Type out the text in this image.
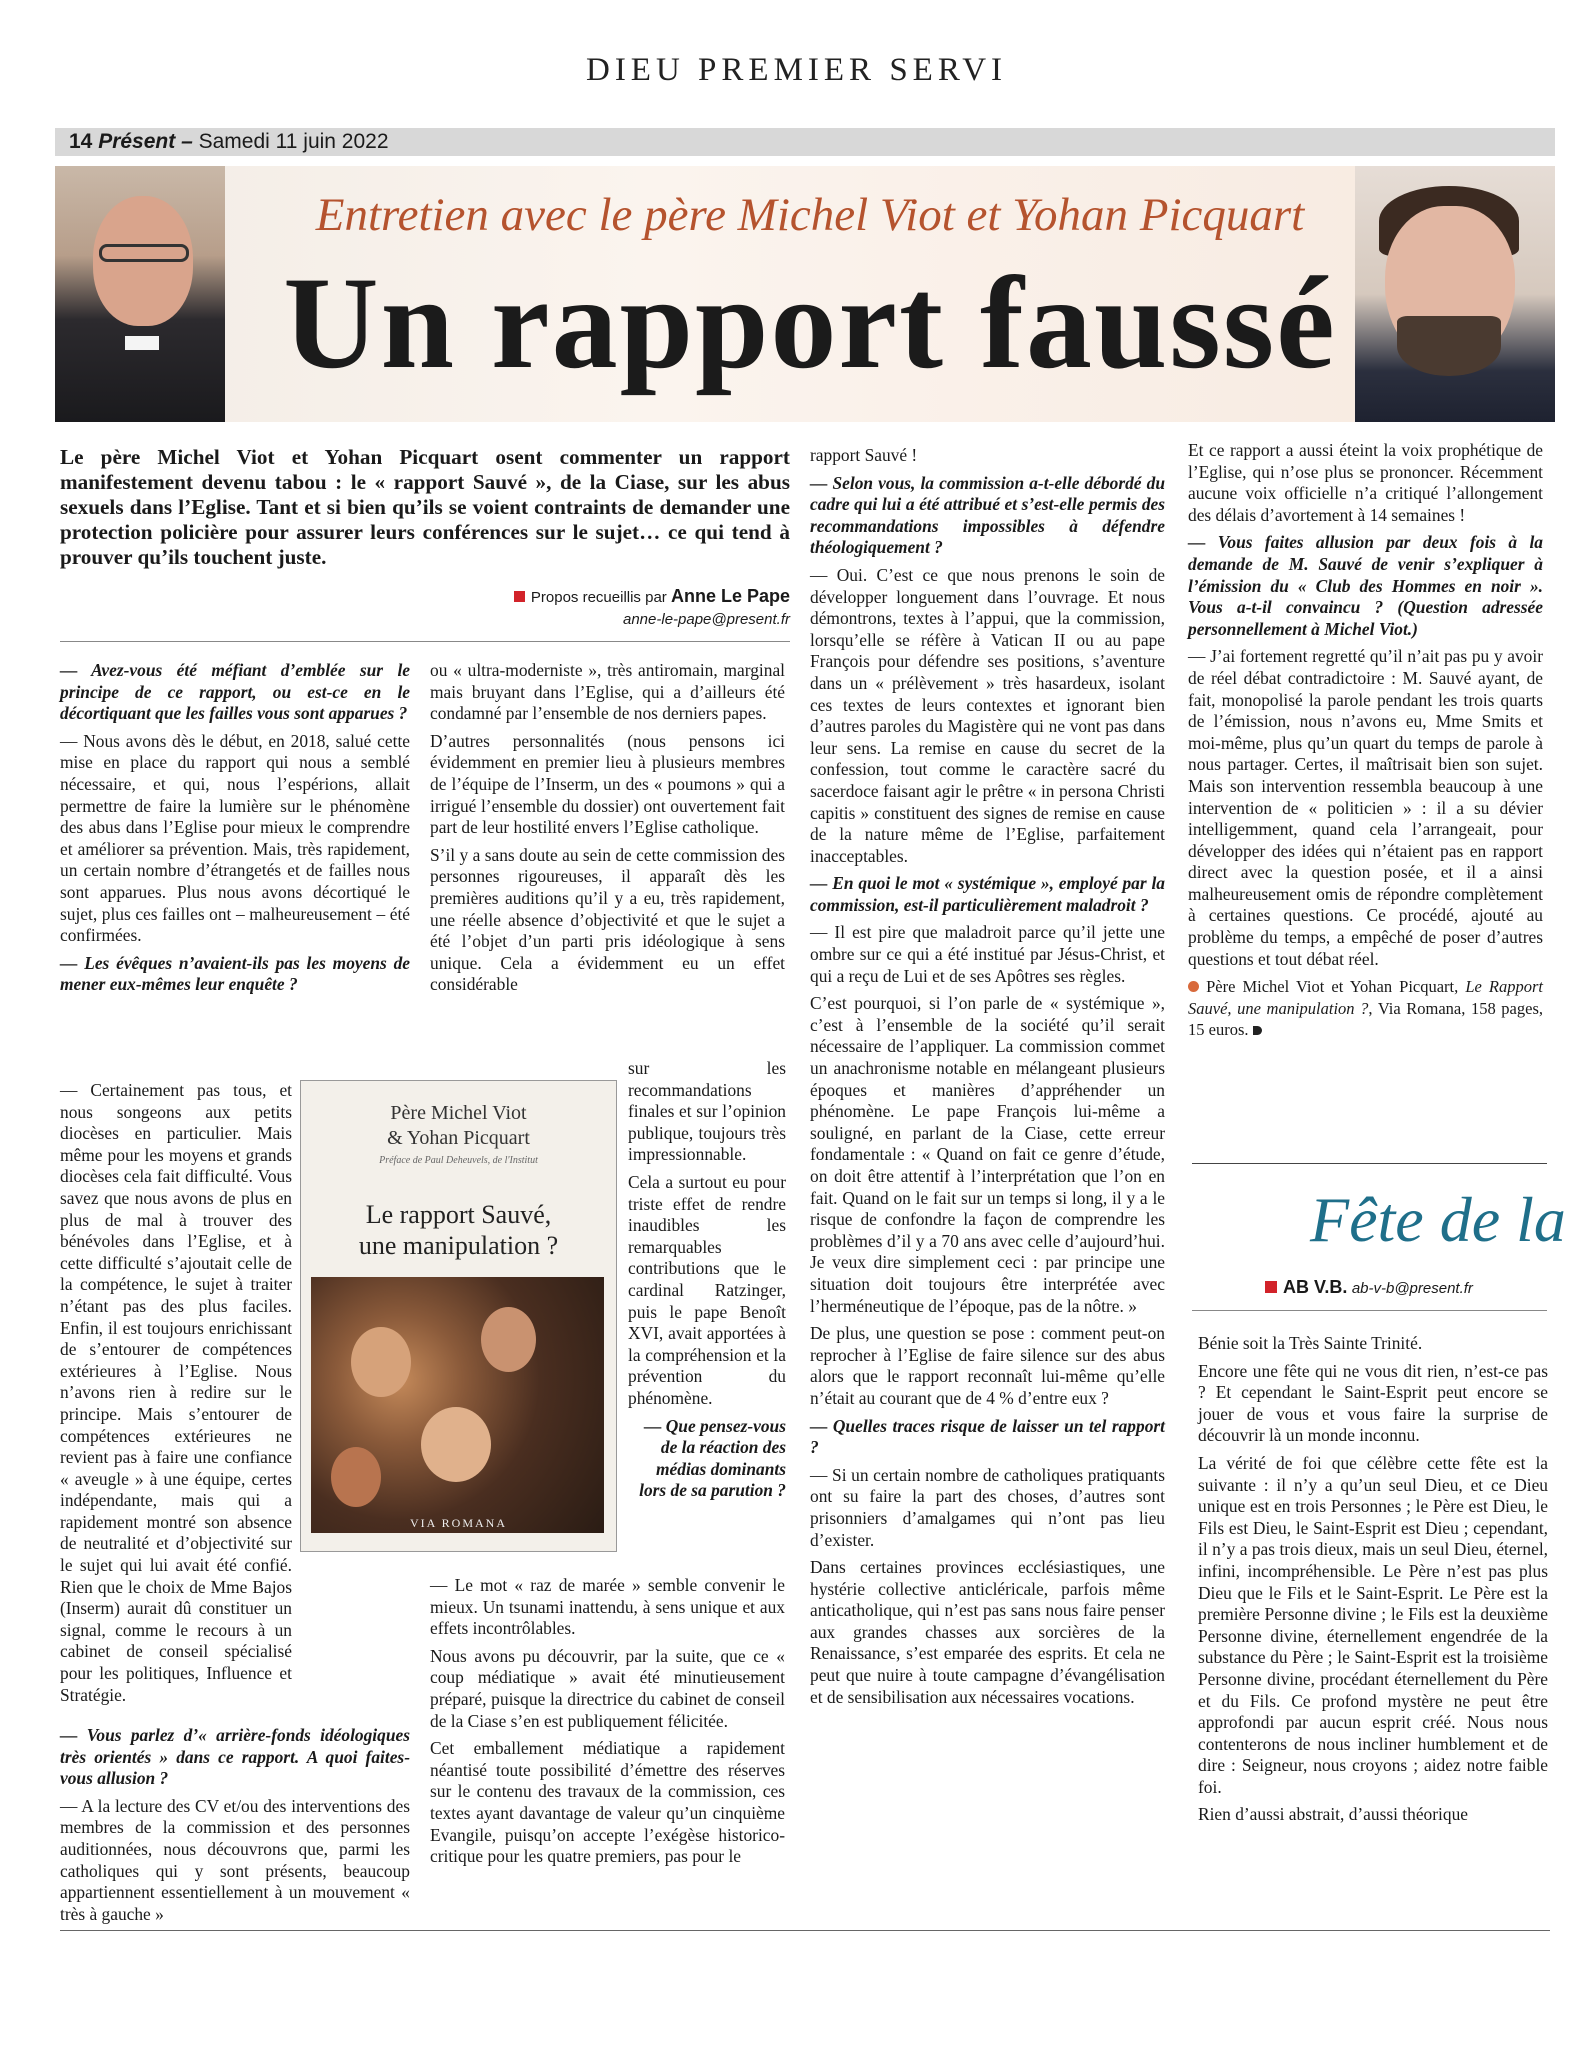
DIEU PREMIER SERVI
14 Présent – Samedi 11 juin 2022
Entretien avec le père Michel Viot et Yohan Picquart
Un rapport faussé
Le père Michel Viot et Yohan Picquart osent commenter un rapport manifestement devenu tabou : le « rapport Sauvé », de la Ciase, sur les abus sexuels dans l’Eglise. Tant et si bien qu’ils se voient contraints de demander une protection policière pour assurer leurs conférences sur le sujet… ce qui tend à prouver qu’ils touchent juste.
Propos recueillis par Anne Le Pape
anne-le-pape@present.fr

— Avez-vous été méfiant d’emblée sur le principe de ce rapport, ou est-ce en le décortiquant que les failles vous sont apparues ?

— Nous avons dès le début, en 2018, salué cette mise en place du rapport qui nous a semblé nécessaire, et qui, nous l’espérions, allait permettre de faire la lumière sur le phénomène des abus dans l’Eglise pour mieux le comprendre et améliorer sa prévention. Mais, très rapidement, un certain nombre d’étrangetés et de failles nous sont apparues. Plus nous avons décortiqué le sujet, plus ces failles ont – malheureusement – été confirmées.

— Les évêques n’avaient-ils pas les moyens de mener eux-mêmes leur enquête ?

— Certainement pas tous, et nous songeons aux petits diocèses en particulier. Mais même pour les moyens et grands diocèses cela fait difficulté. Vous savez que nous avons de plus en plus de mal à trouver des bénévoles dans l’Eglise, et à cette difficulté s’ajoutait celle de la compétence, le sujet à traiter n’étant pas des plus faciles. Enfin, il est toujours enrichissant de s’entourer de compétences extérieures à l’Eglise. Nous n’avons rien à redire sur le principe. Mais s’entourer de compétences extérieures ne revient pas à faire une confiance « aveugle » à une équipe, certes indépendante, mais qui a rapidement montré son absence de neutralité et d’objectivité sur le sujet qui lui avait été confié. Rien que le choix de Mme Bajos (Inserm) aurait dû constituer un signal, comme le recours à un cabinet de conseil spécialisé pour les politiques, Influence et Stratégie.

— Vous parlez d’« arrière-fonds idéologiques très orientés » dans ce rapport. A quoi faites-vous allusion ?

— A la lecture des CV et/ou des interventions des membres de la commission et des personnes auditionnées, nous découvrons que, parmi les catholiques qui y sont présents, beaucoup appartiennent essentiellement à un mouvement « très à gauche »

ou « ultra-moderniste », très antiromain, marginal mais bruyant dans l’Eglise, qui a d’ailleurs été condamné par l’ensemble de nos derniers papes.

D’autres personnalités (nous pensons ici évidemment en premier lieu à plusieurs membres de l’équipe de l’Inserm, un des « poumons » qui a irrigué l’ensemble du dossier) ont ouvertement fait part de leur hostilité envers l’Eglise catholique.

S’il y a sans doute au sein de cette commission des personnes rigoureuses, il apparaît dès les premières auditions qu’il y a eu, très rapidement, une réelle absence d’objectivité et que le sujet a été l’objet d’un parti pris idéologique à sens unique. Cela a évidemment eu un effet considérable

sur les recommandations finales et sur l’opinion publique, toujours très impressionnable.

Cela a surtout eu pour triste effet de rendre inaudibles les remarquables contributions que le cardinal Ratzinger, puis le pape Benoît XVI, avait apportées à la compréhension et la prévention du phénomène.

— Que pensez-vous de la réaction des médias dominants lors de sa parution ?

— Le mot « raz de marée » semble convenir le mieux. Un tsunami inattendu, à sens unique et aux effets incontrôlables.

Nous avons pu découvrir, par la suite, que ce « coup médiatique » avait été minutieusement préparé, puisque la directrice du cabinet de conseil de la Ciase s’en est publiquement félicitée.

Cet emballement médiatique a rapidement néantisé toute possibilité d’émettre des réserves sur le contenu des travaux de la commission, ces textes ayant davantage de valeur qu’un cinquième Evangile, puisqu’on accepte l’exégèse historico-critique pour les quatre premiers, pas pour le

Père Michel Viot
& Yohan Picquart
Préface de Paul Deheuvels, de l'Institut
Le rapport Sauvé,
une manipulation ?
VIA ROMANA

rapport Sauvé !

— Selon vous, la commission a-t-elle débordé du cadre qui lui a été attribué et s’est-elle permis des recommandations impossibles à défendre théologiquement ?

— Oui. C’est ce que nous prenons le soin de développer longuement dans l’ouvrage. Et nous démontrons, textes à l’appui, que la commission, lorsqu’elle se réfère à Vatican II ou au pape François pour défendre ses positions, s’aventure dans un « prélèvement » très hasardeux, isolant ces textes de leurs contextes et ignorant bien d’autres paroles du Magistère qui ne vont pas dans leur sens. La remise en cause du secret de la confession, tout comme le caractère sacré du sacerdoce faisant agir le prêtre « in persona Christi capitis » constituent des signes de remise en cause de la nature même de l’Eglise, parfaitement inacceptables.

— En quoi le mot « systémique », employé par la commission, est-il particulièrement maladroit ?

— Il est pire que maladroit parce qu’il jette une ombre sur ce qui a été institué par Jésus-Christ, et qui a reçu de Lui et de ses Apôtres ses règles.

C’est pourquoi, si l’on parle de « systémique », c’est à l’ensemble de la société qu’il serait nécessaire de l’appliquer. La commission commet un anachronisme notable en mélangeant plusieurs époques et manières d’appréhender un phénomène. Le pape François lui-même a souligné, en parlant de la Ciase, cette erreur fondamentale : « Quand on fait ce genre d’étude, on doit être attentif à l’interprétation que l’on en fait. Quand on le fait sur un temps si long, il y a le risque de confondre la façon de comprendre les problèmes d’il y a 70 ans avec celle d’aujourd’hui. Je veux dire simplement ceci : par principe une situation doit toujours être interprétée avec l’herméneutique de l’époque, pas de la nôtre. »

De plus, une question se pose : comment peut-on reprocher à l’Eglise de faire silence sur des abus alors que le rapport reconnaît lui-même qu’elle n’était au courant que de 4 % d’entre eux ?

— Quelles traces risque de laisser un tel rapport ?

— Si un certain nombre de catholiques pratiquants ont su faire la part des choses, d’autres sont prisonniers d’amalgames qui n’ont pas lieu d’exister.

Dans certaines provinces ecclésiastiques, une hystérie collective anticléricale, parfois même anticatholique, qui n’est pas sans nous faire penser aux grandes chasses aux sorcières de la Renaissance, s’est emparée des esprits. Et cela ne peut que nuire à toute campagne d’évangélisation et de sensibilisation aux nécessaires vocations.

Et ce rapport a aussi éteint la voix prophétique de l’Eglise, qui n’ose plus se prononcer. Récemment aucune voix officielle n’a critiqué l’allongement des délais d’avortement à 14 semaines !

— Vous faites allusion par deux fois à la demande de M. Sauvé de venir s’expliquer à l’émission du « Club des Hommes en noir ». Vous a-t-il convaincu ? (Question adressée personnellement à Michel Viot.)

— J’ai fortement regretté qu’il n’ait pas pu y avoir de réel débat contradictoire : M. Sauvé ayant, de fait, monopolisé la parole pendant les trois quarts de l’émission, nous n’avons eu, Mme Smits et moi-même, plus qu’un quart du temps de parole à nous partager. Certes, il maîtrisait bien son sujet. Mais son intervention ressembla beaucoup à une intervention de « politicien » : il a su dévier intelligemment, quand cela l’arrangeait, pour développer des idées qui n’étaient pas en rapport direct avec la question posée, et il a ainsi malheureusement omis de répondre complètement à certaines questions. Ce procédé, ajouté au problème du temps, a empêché de poser d’autres questions et tout débat réel.

Père Michel Viot et Yohan Picquart, Le Rapport Sauvé, une manipulation ?, Via Romana, 158 pages, 15 euros.

Fête de la
AB V.B. ab-v-b@present.fr

Bénie soit la Très Sainte Trinité.

Encore une fête qui ne vous dit rien, n’est-ce pas ? Et cependant le Saint-Esprit peut encore se jouer de vous et vous faire la surprise de découvrir là un monde inconnu.

La vérité de foi que célèbre cette fête est la suivante : il n’y a qu’un seul Dieu, et ce Dieu unique est en trois Personnes ; le Père est Dieu, le Fils est Dieu, le Saint-Esprit est Dieu ; cependant, il n’y a pas trois dieux, mais un seul Dieu, éternel, infini, incompréhensible. Le Père n’est pas plus Dieu que le Fils et le Saint-Esprit. Le Père est la première Personne divine ; le Fils est la deuxième Personne divine, éternellement engendrée de la substance du Père ; le Saint-Esprit est la troisième Personne divine, procédant éternellement du Père et du Fils. Ce profond mystère ne peut être approfondi par aucun esprit créé. Nous nous contenterons de nous incliner humblement et de dire : Seigneur, nous croyons ; aidez notre faible foi.

Rien d’aussi abstrait, d’aussi théorique
